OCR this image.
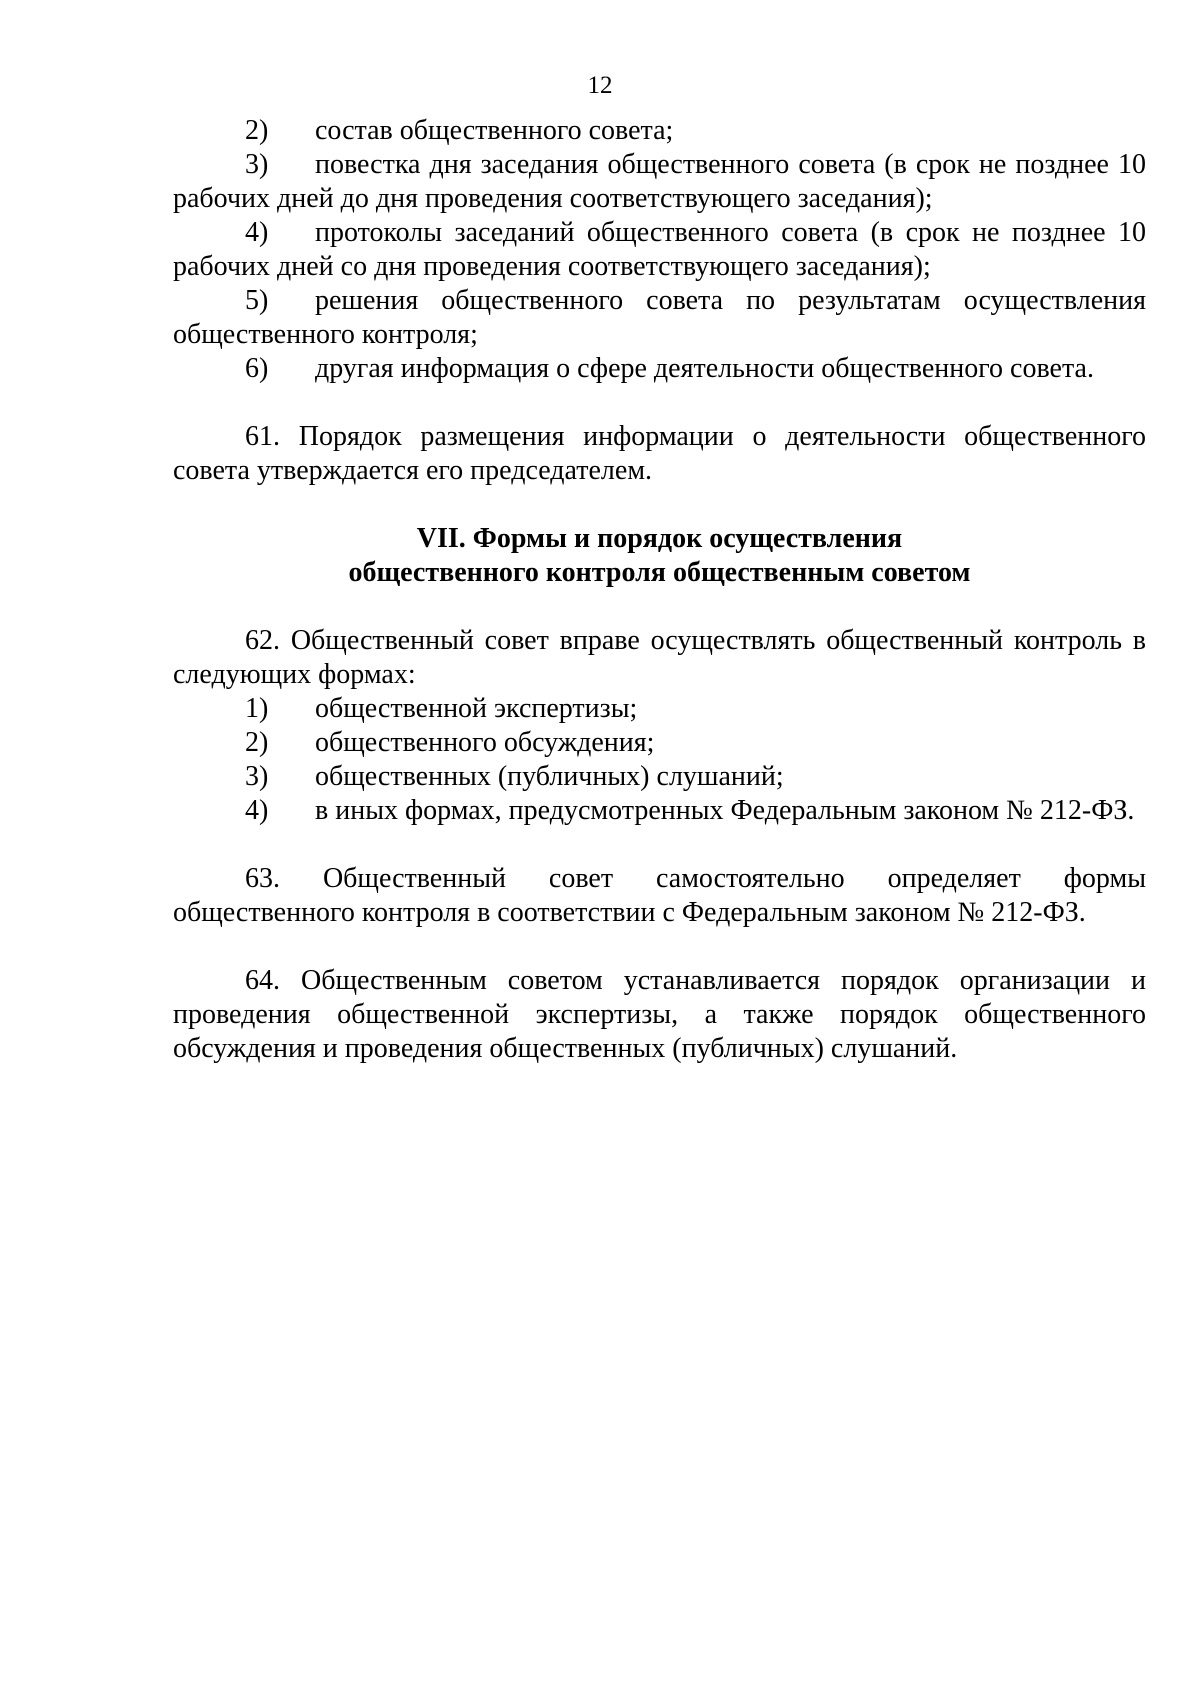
12

2) состав общественного совета;

3) повестка дня заседания общественного совета (в срок не позднее 10 рабочих дней до дня проведения соответствующего заседания);

4) протоколы заседаний общественного совета (в срок не позднее 10 рабочих дней со дня проведения соответствующего заседания);

5) решения общественного совета по результатам осуществления общественного контроля;

6) другая информация о сфере деятельности общественного совета.

61. Порядок размещения информации о деятельности общественного совета утверждается его председателем.

VII. Формы и порядок осуществления

общественного контроля общественным советом

62. Общественный совет вправе осуществлять общественный контроль в следующих формах:

1) общественной экспертизы;

2) общественного обсуждения;

3) общественных (публичных) слушаний;

4) в иных формах, предусмотренных Федеральным законом № 212-ФЗ.

63. Общественный совет самостоятельно определяет формы общественного контроля в соответствии с Федеральным законом № 212-ФЗ.

64. Общественным советом устанавливается порядок организации и проведения общественной экспертизы, а также порядок общественного обсуждения и проведения общественных (публичных) слушаний.
